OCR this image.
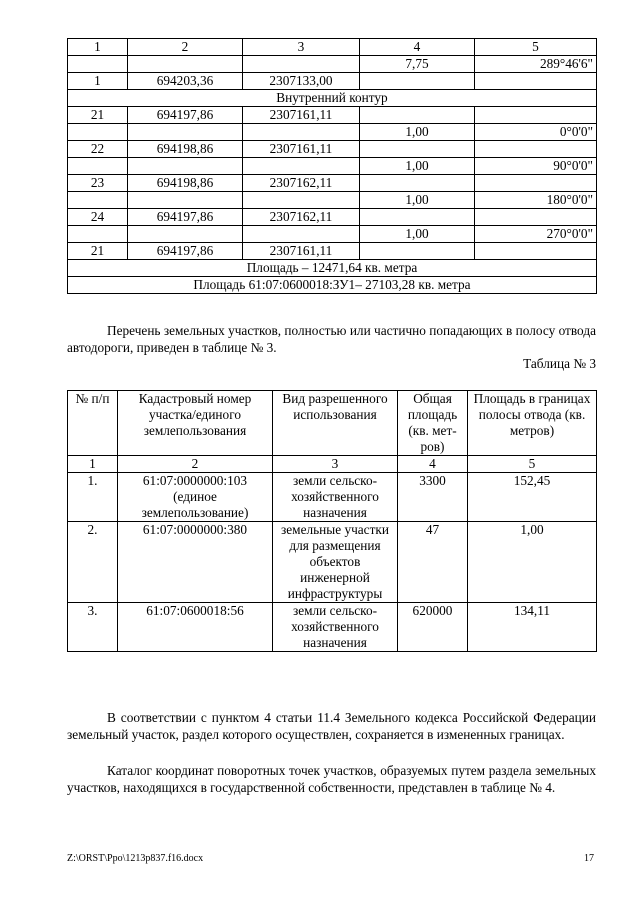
1	2	3	4	5
			7,75	289°46'6"
1	694203,36	2307133,00		
Внутренний контур				
21	694197,86	2307161,11		
			1,00	0°0'0"
22	694198,86	2307161,11		
			1,00	90°0'0"
23	694198,86	2307162,11		
			1,00	180°0'0"
24	694197,86	2307162,11		
			1,00	270°0'0"
21	694197,86	2307161,11		
Площадь – 12471,64 кв. метра				
Площадь 61:07:0600018:ЗУ1– 27103,28 кв. метра				

Перечень земельных участков, полностью или частично попадающих в полосу отвода автодороги, приведен в таблице № 3.

Таблица № 3
№ п/п	Кадастровый номер участка/единого землепользования	Вид разрешенного использования	Общая площадь (кв. мет-ров)	Площадь в границах полосы отвода (кв. метров)
1	2	3	4	5
1.	61:07:0000000:103 (единое землепользование)	земли сельско-хозяйственного назначения	3300	152,45
2.	61:07:0000000:380	земельные участки для размещения объектов инженерной инфраструктуры	47	1,00
3.	61:07:0600018:56	земли сельско-хозяйственного назначения	620000	134,11

В соответствии с пунктом 4 статьи 11.4 Земельного кодекса Российской Федерации земельный участок, раздел которого осуществлен, сохраняется в измененных границах.

Каталог координат поворотных точек участков, образуемых путем раздела земельных участков, находящихся в государственной собственности, представлен в таблице № 4.

Z:\ORST\Ppo\1213p837.f16.docx	17
